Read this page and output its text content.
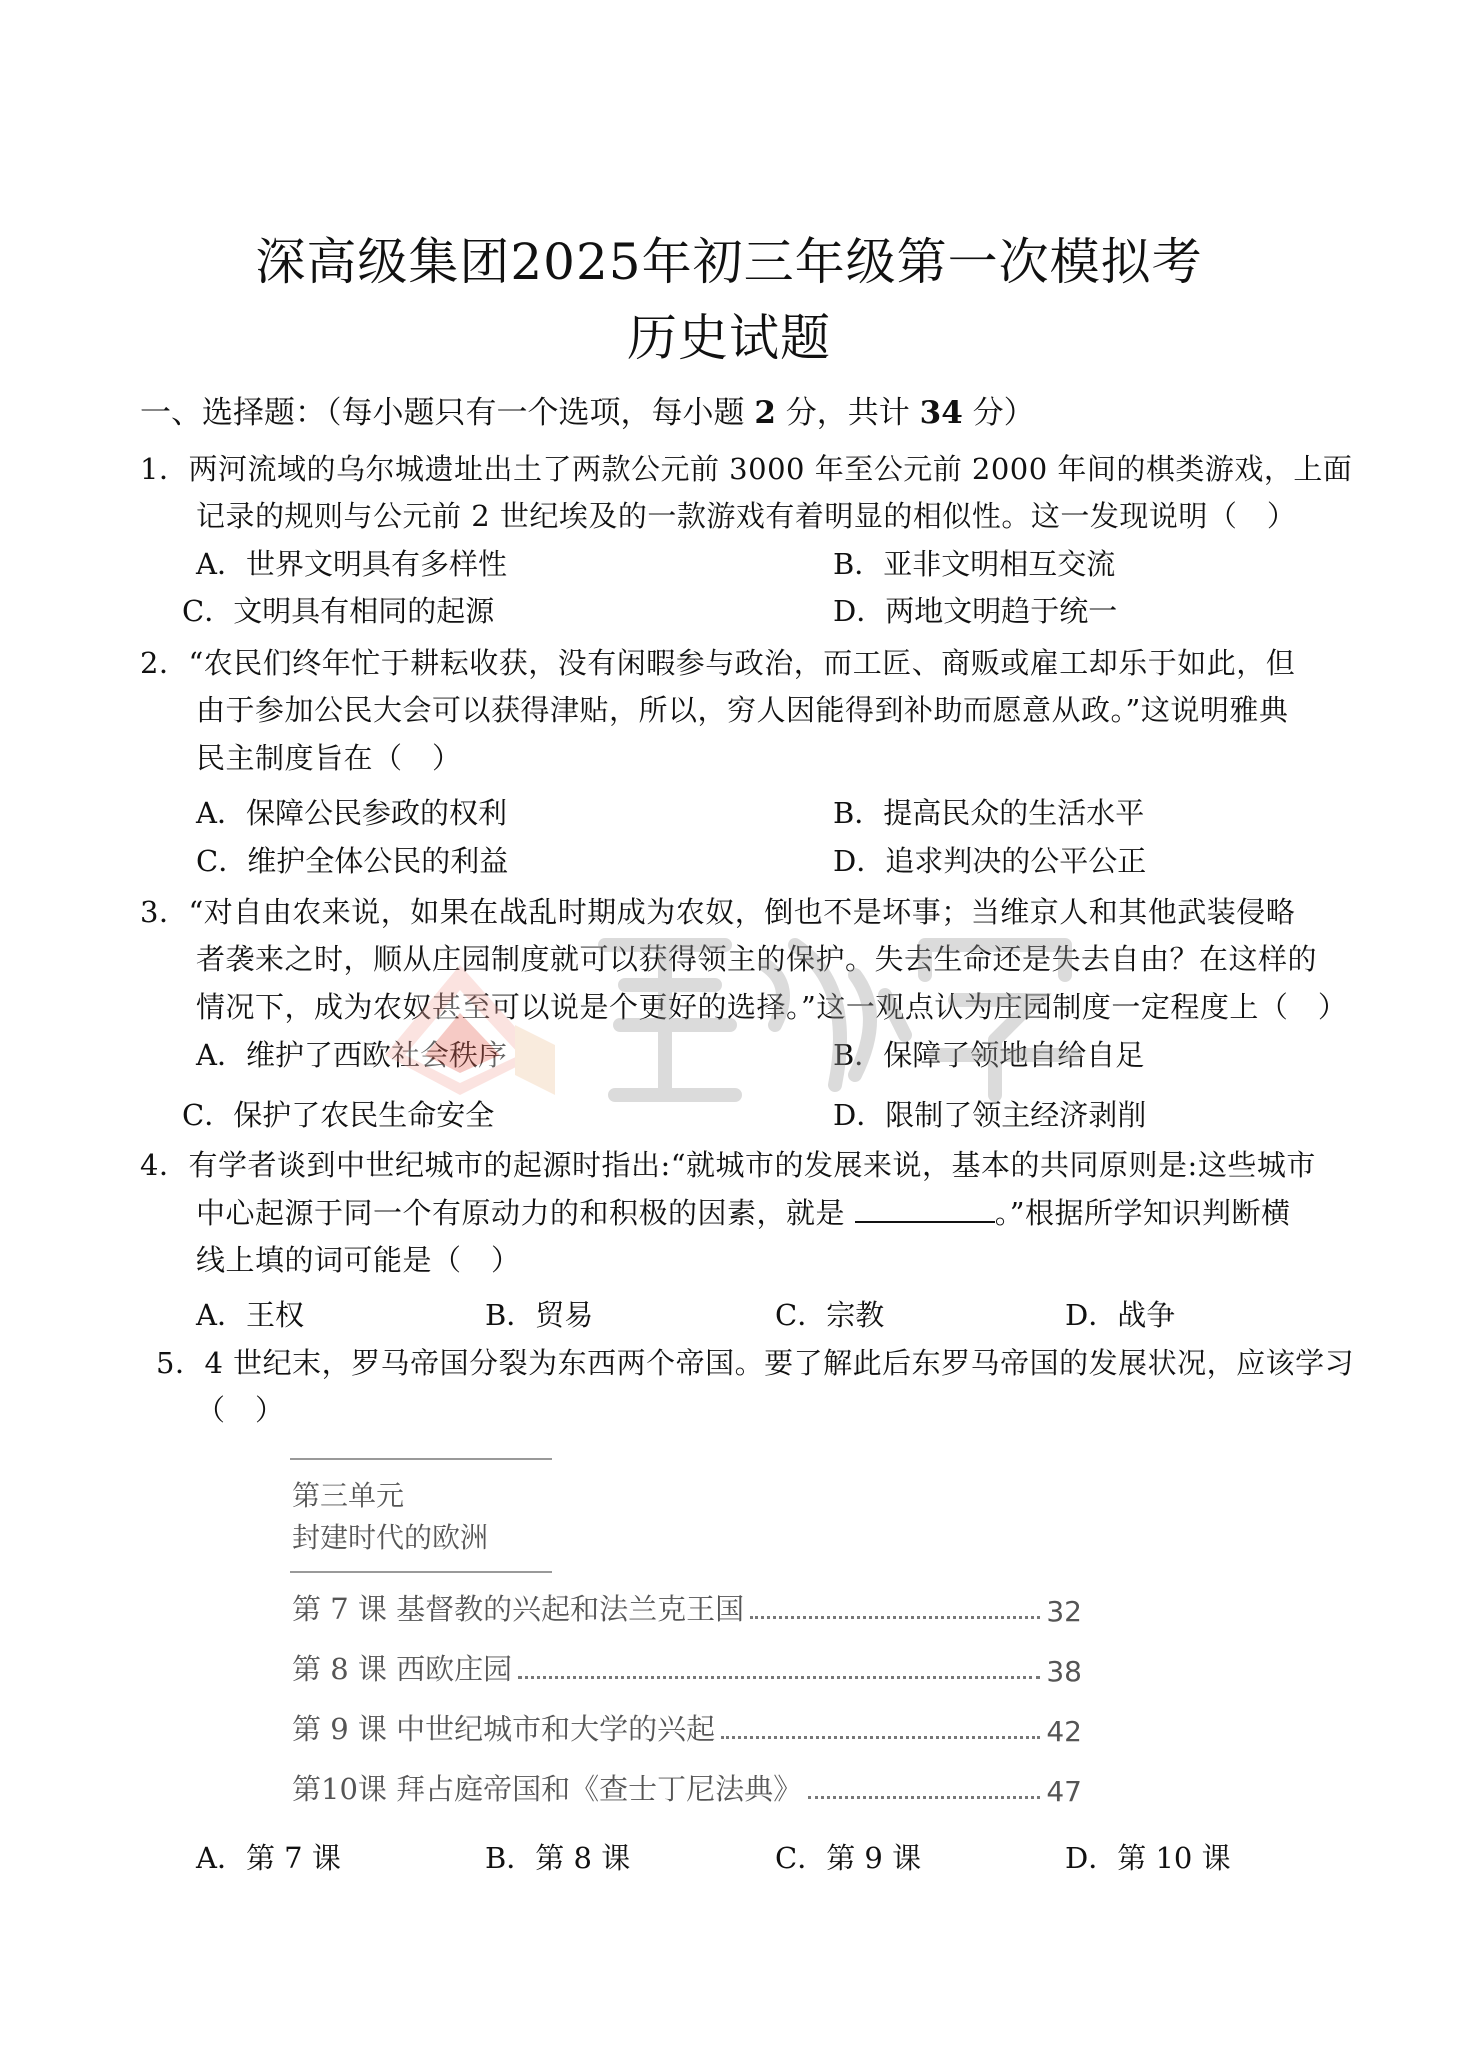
深高级集团2025年初三年级第一次模拟考
历史试题
一、选择题：（每小题只有一个选项，每小题 2 分，共计 34 分）
1．两河流域的乌尔城遗址出土了两款公元前 3000 年至公元前 2000 年间的棋类游戏，上面
记录的规则与公元前 2 世纪埃及的一款游戏有着明显的相似性。这一发现说明（　）
A．世界文明具有多样性	B．亚非文明相互交流
C．文明具有相同的起源	D．两地文明趋于统一
2．“农民们终年忙于耕耘收获，没有闲暇参与政治，而工匠、商贩或雇工却乐于如此，但
由于参加公民大会可以获得津贴，所以，穷人因能得到补助而愿意从政。”这说明雅典
民主制度旨在（　）
A．保障公民参政的权利	B．提高民众的生活水平
C．维护全体公民的利益	D．追求判决的公平公正
3．“对自由农来说，如果在战乱时期成为农奴，倒也不是坏事；当维京人和其他武装侵略
者袭来之时，顺从庄园制度就可以获得领主的保护。失去生命还是失去自由？在这样的
情况下，成为农奴甚至可以说是个更好的选择。”这一观点认为庄园制度一定程度上（　）
A．维护了西欧社会秩序	B．保障了领地自给自足
C．保护了农民生命安全	D．限制了领主经济剥削
4．有学者谈到中世纪城市的起源时指出:“就城市的发展来说，基本的共同原则是:这些城市
中心起源于同一个有原动力的和积极的因素，就是	。”根据所学知识判断横
线上填的词可能是（　）
A．王权	B．贸易	C．宗教	D．战争
5．4 世纪末，罗马帝国分裂为东西两个帝国。要了解此后东罗马帝国的发展状况，应该学习
（　）
第三单元
封建时代的欧洲
第 7 课 基督教的兴起和法兰克王国	32
第 8 课 西欧庄园	38
第 9 课 中世纪城市和大学的兴起	42
第10课 拜占庭帝国和《查士丁尼法典》	47
A．第 7 课	B．第 8 课	C．第 9 课	D．第 10 课
